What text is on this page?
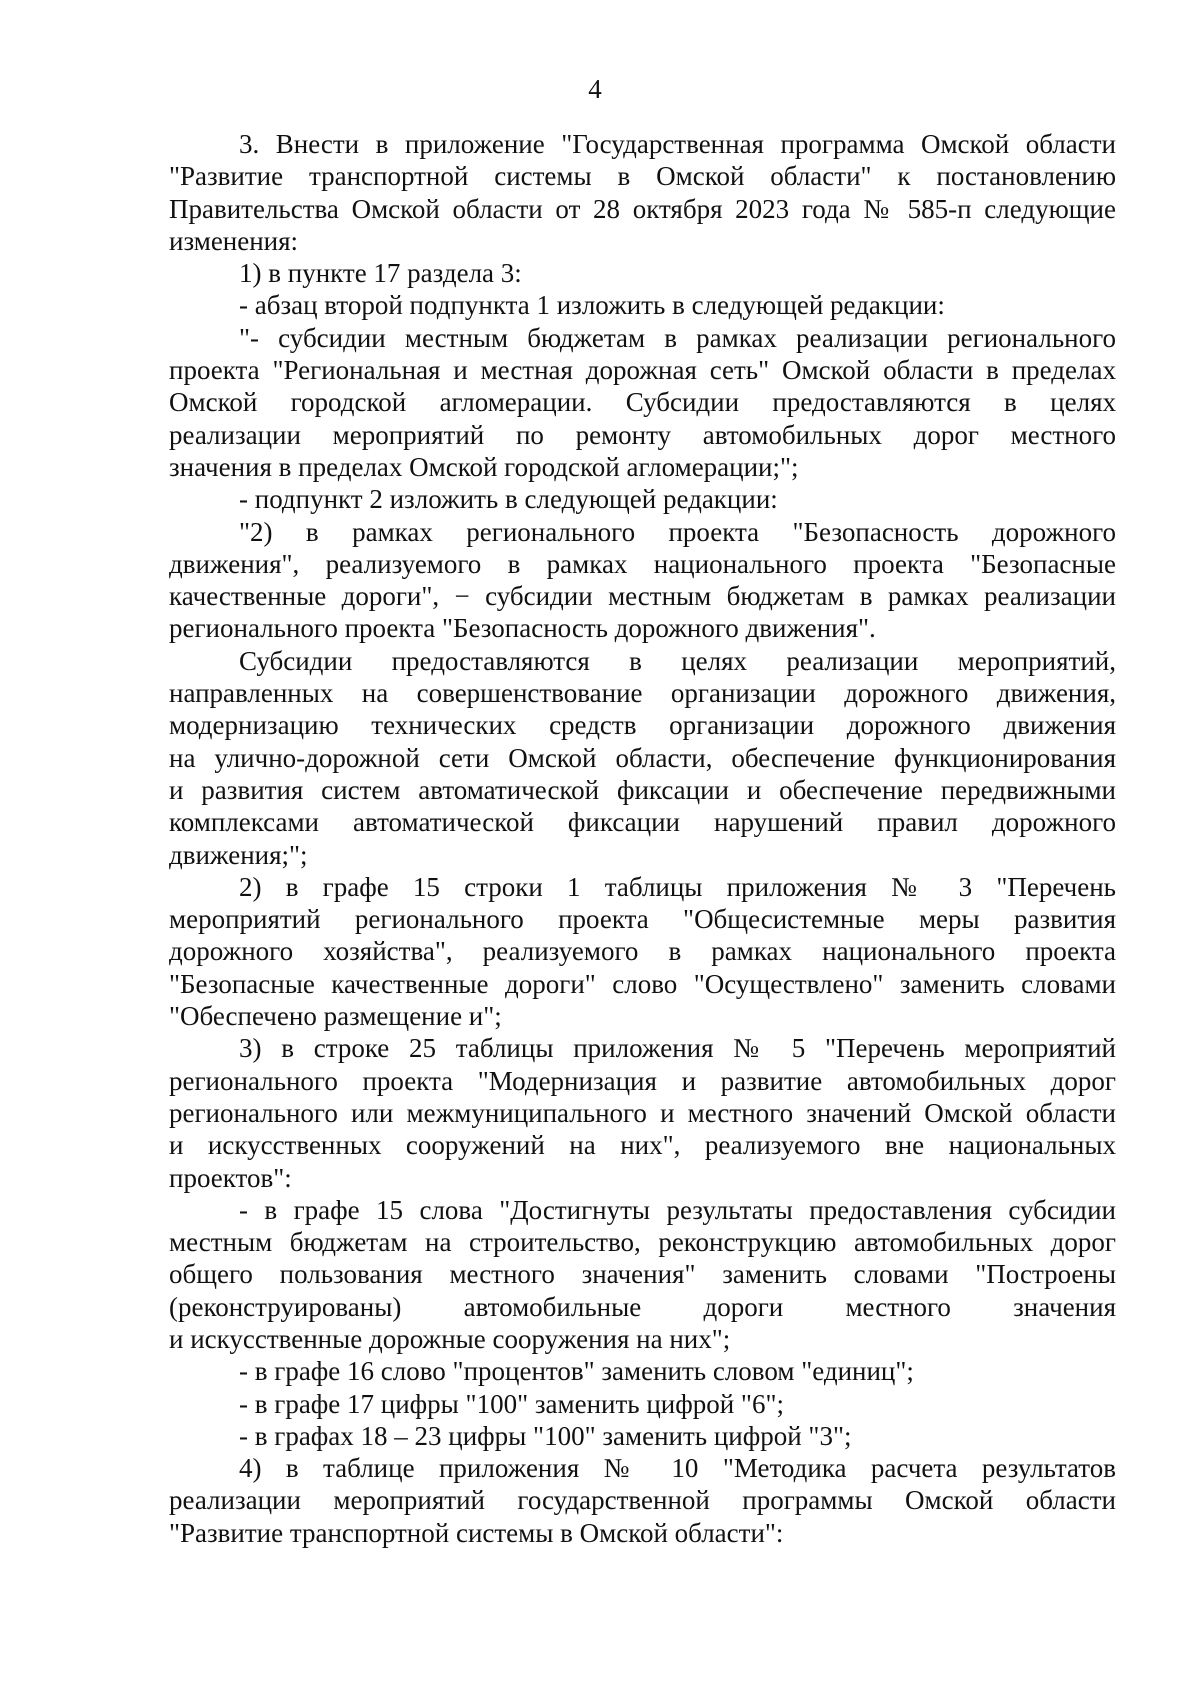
4

3. Внести в приложение "Государственная программа Омской области

"Развитие транспортной системы в Омской области" к постановлению

Правительства Омской области от 28 октября 2023 года № 585-п следующие

изменения:

1) в пункте 17 раздела 3:

- абзац второй подпункта 1 изложить в следующей редакции:

"- субсидии местным бюджетам в рамках реализации регионального

проекта "Региональная и местная дорожная сеть" Омской области в пределах

Омской городской агломерации. Субсидии предоставляются в целях

реализации мероприятий по ремонту автомобильных дорог местного

значения в пределах Омской городской агломерации;";

- подпункт 2 изложить в следующей редакции:

"2) в рамках регионального проекта "Безопасность дорожного

движения", реализуемого в рамках национального проекта "Безопасные

качественные дороги", − субсидии местным бюджетам в рамках реализации

регионального проекта "Безопасность дорожного движения".

Субсидии предоставляются в целях реализации мероприятий,

направленных на совершенствование организации дорожного движения,

модернизацию технических средств организации дорожного движения

на улично-дорожной сети Омской области, обеспечение функционирования

и развития систем автоматической фиксации и обеспечение передвижными

комплексами автоматической фиксации нарушений правил дорожного

движения;";

2) в графе 15 строки 1 таблицы приложения № 3 "Перечень

мероприятий регионального проекта "Общесистемные меры развития

дорожного хозяйства", реализуемого в рамках национального проекта

"Безопасные качественные дороги" слово "Осуществлено" заменить словами

"Обеспечено размещение и";

3) в строке 25 таблицы приложения № 5 "Перечень мероприятий

регионального проекта "Модернизация и развитие автомобильных дорог

регионального или межмуниципального и местного значений Омской области

и искусственных сооружений на них", реализуемого вне национальных

проектов":

- в графе 15 слова "Достигнуты результаты предоставления субсидии

местным бюджетам на строительство, реконструкцию автомобильных дорог

общего пользования местного значения" заменить словами "Построены

(реконструированы) автомобильные дороги местного значения

и искусственные дорожные сооружения на них";

- в графе 16 слово "процентов" заменить словом "единиц";

- в графе 17 цифры "100" заменить цифрой "6";

- в графах 18 – 23 цифры "100" заменить цифрой "3";

4) в таблице приложения № 10 "Методика расчета результатов

реализации мероприятий государственной программы Омской области

"Развитие транспортной системы в Омской области":
